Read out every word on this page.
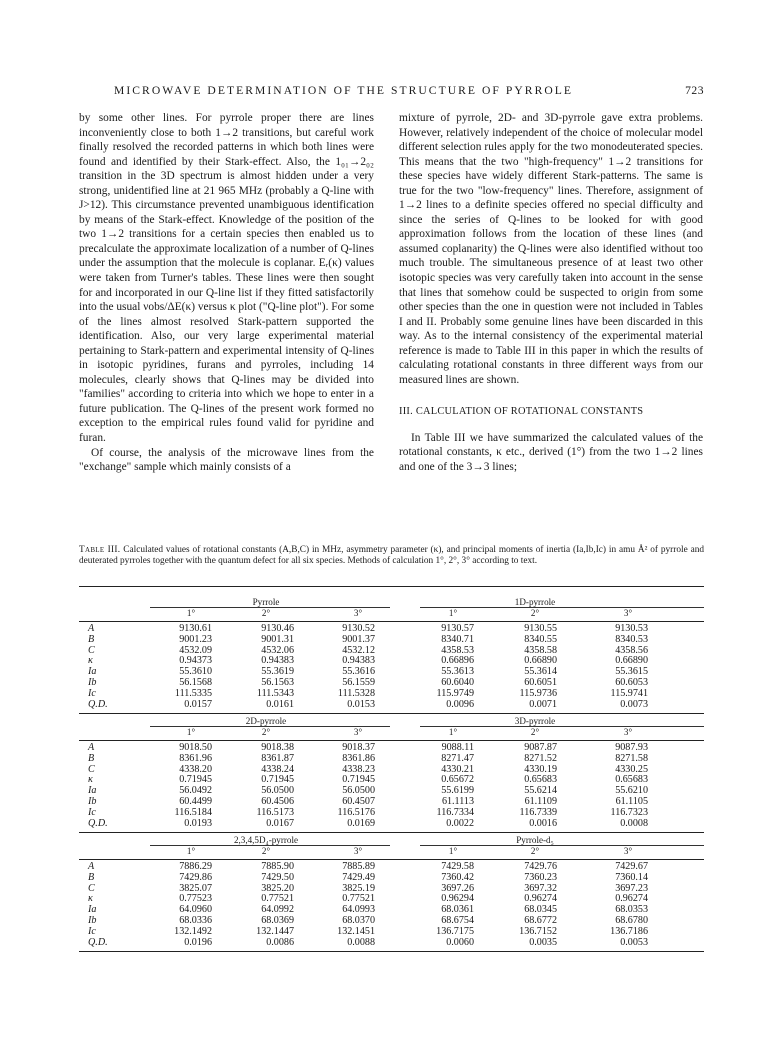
MICROWAVE DETERMINATION OF THE STRUCTURE OF PYRROLE	723

by some other lines. For pyrrole proper there are lines inconveniently close to both 1→2 transitions, but careful work finally resolved the recorded patterns in which both lines were found and identified by their Stark-effect. Also, the 1₀₁→2₀₂ transition in the 3D spectrum is almost hidden under a very strong, unidentified line at 21 965 MHz (probably a Q-line with J>12). This circumstance prevented unambiguous identification by means of the Stark-effect. Knowledge of the position of the two 1→2 transitions for a certain species then enabled us to precalculate the approximate localization of a number of Q-lines under the assumption that the molecule is coplanar. Eᵣ(κ) values were taken from Turner's tables. These lines were then sought for and incorporated in our Q-line list if they fitted satisfactorily into the usual νobs/ΔE(κ) versus κ plot ("Q-line plot"). For some of the lines almost resolved Stark-pattern supported the identification. Also, our very large experimental material pertaining to Stark-pattern and experimental intensity of Q-lines in isotopic pyridines, furans and pyrroles, including 14 molecules, clearly shows that Q-lines may be divided into "families" according to criteria into which we hope to enter in a future publication. The Q-lines of the present work formed no exception to the empirical rules found valid for pyridine and furan.

Of course, the analysis of the microwave lines from the "exchange" sample which mainly consists of a

mixture of pyrrole, 2D- and 3D-pyrrole gave extra problems. However, relatively independent of the choice of molecular model different selection rules apply for the two monodeuterated species. This means that the two "high-frequency" 1→2 transitions for these species have widely different Stark-patterns. The same is true for the two "low-frequency" lines. Therefore, assignment of 1→2 lines to a definite species offered no special difficulty and since the series of Q-lines to be looked for with good approximation follows from the location of these lines (and assumed coplanarity) the Q-lines were also identified without too much trouble. The simultaneous presence of at least two other isotopic species was very carefully taken into account in the sense that lines that somehow could be suspected to origin from some other species than the one in question were not included in Tables I and II. Probably some genuine lines have been discarded in this way. As to the internal consistency of the experimental material reference is made to Table III in this paper in which the results of calculating rotational constants in three different ways from our measured lines are shown.

III. CALCULATION OF ROTATIONAL CONSTANTS

In Table III we have summarized the calculated values of the rotational constants, κ etc., derived (1°) from the two 1→2 lines and one of the 3→3 lines;

Table III. Calculated values of rotational constants (A,B,C) in MHz, asymmetry parameter (κ), and principal moments of inertia (Ia,Ib,Ic) in amu Å² of pyrrole and deuterated pyrroles together with the quantum defect for all six species. Methods of calculation 1°, 2°, 3° according to text.
Pyrrole	1D-pyrrole
1°	2°	3°	1°	2°	3°
A	9130.61	9130.46	9130.52	9130.57	9130.55	9130.53
B	9001.23	9001.31	9001.37	8340.71	8340.55	8340.53
C	4532.09	4532.06	4532.12	4358.53	4358.58	4358.56
κ	0.94373	0.94383	0.94383	0.66896	0.66890	0.66890
Ia	55.3610	55.3619	55.3616	55.3613	55.3614	55.3615
Ib	56.1568	56.1563	56.1559	60.6040	60.6051	60.6053
Ic	111.5335	111.5343	111.5328	115.9749	115.9736	115.9741
Q.D.	0.0157	0.0161	0.0153	0.0096	0.0071	0.0073
2D-pyrrole	3D-pyrrole
1°	2°	3°	1°	2°	3°
A	9018.50	9018.38	9018.37	9088.11	9087.87	9087.93
B	8361.96	8361.87	8361.86	8271.47	8271.52	8271.58
C	4338.20	4338.24	4338.23	4330.21	4330.19	4330.25
κ	0.71945	0.71945	0.71945	0.65672	0.65683	0.65683
Ia	56.0492	56.0500	56.0500	55.6199	55.6214	55.6210
Ib	60.4499	60.4506	60.4507	61.1113	61.1109	61.1105
Ic	116.5184	116.5173	116.5176	116.7334	116.7339	116.7323
Q.D.	0.0193	0.0167	0.0169	0.0022	0.0016	0.0008
2,3,4,5D₄-pyrrole	Pyrrole-d₅
1°	2°	3°	1°	2°	3°
A	7886.29	7885.90	7885.89	7429.58	7429.76	7429.67
B	7429.86	7429.50	7429.49	7360.42	7360.23	7360.14
C	3825.07	3825.20	3825.19	3697.26	3697.32	3697.23
κ	0.77523	0.77521	0.77521	0.96294	0.96274	0.96274
Ia	64.0960	64.0992	64.0993	68.0361	68.0345	68.0353
Ib	68.0336	68.0369	68.0370	68.6754	68.6772	68.6780
Ic	132.1492	132.1447	132.1451	136.7175	136.7152	136.7186
Q.D.	0.0196	0.0086	0.0088	0.0060	0.0035	0.0053
